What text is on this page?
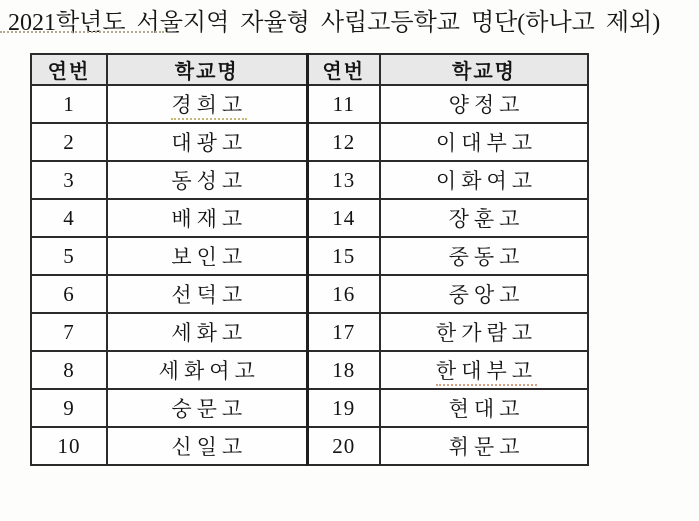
2021학년도 서울지역 자율형 사립고등학교 명단(하나고 제외)
연번	학교명	연번	학교명
1	경희고	11	양정고
2	대광고	12	이대부고
3	동성고	13	이화여고
4	배재고	14	장훈고
5	보인고	15	중동고
6	선덕고	16	중앙고
7	세화고	17	한가람고
8	세화여고	18	한대부고
9	숭문고	19	현대고
10	신일고	20	휘문고
